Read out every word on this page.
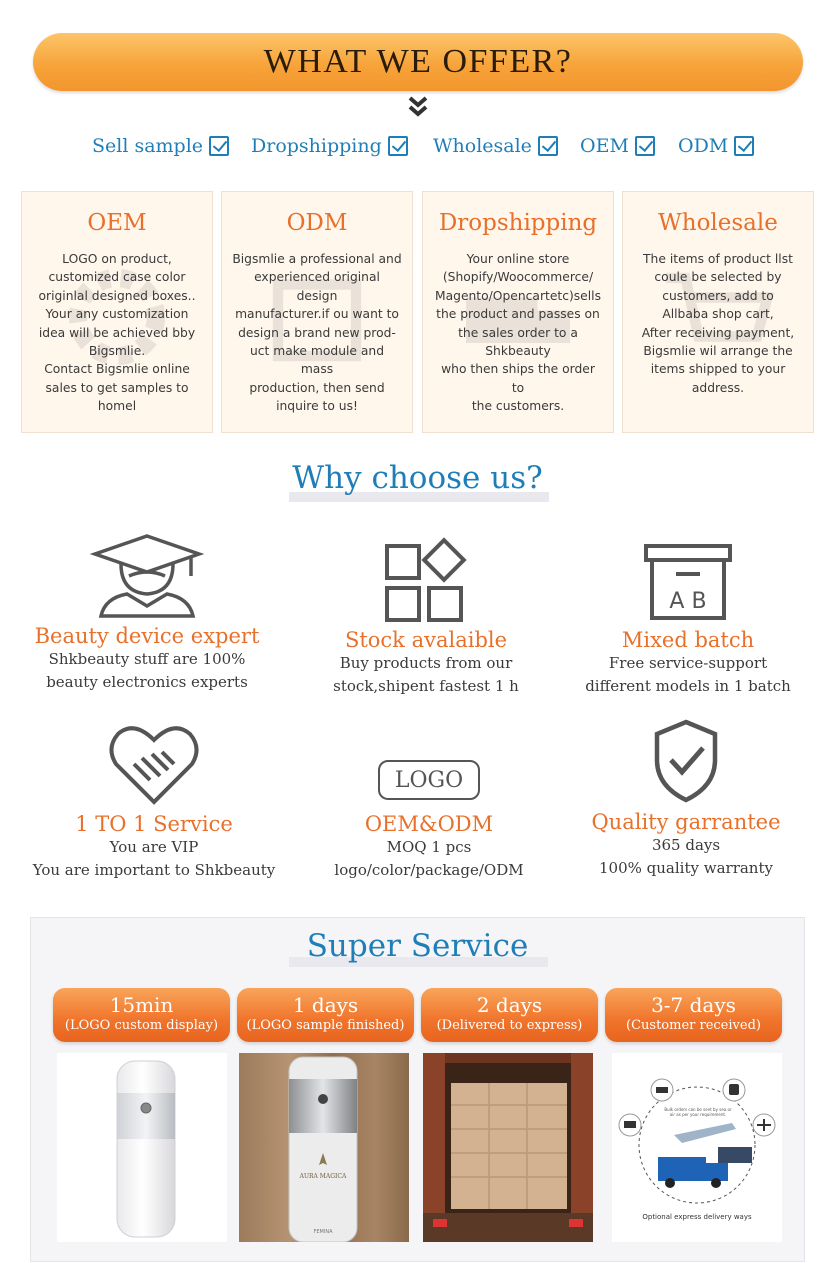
WHAT WE OFFER?
Sell sample	Dropshipping	Wholesale	OEM	ODM
OEM

LOGO on product,
customized case color
originlal designed boxes..
Your any customization
idea will be achieved bby
Bigsmlie.
Contact Bigsmlie online
sales to get samples to
homel

ODM

Bigsmlie a professional and
experienced original design
manufacturer.if ou want to
design a brand new prod-
uct make module and mass
production, then send
inquire to us!

Dropshipping

Your online store
(Shopify/Woocommerce/
Magento/Opencartetc)sells
the product and passes on
the sales order to a Shkbeauty
who then ships the order to
the customers.

Wholesale

The items of product llst
coule be selected by
customers, add to
Allbaba shop cart,
After receiving payment,
Bigsmlie wil arrange the
items shipped to your
address.

Why choose us?
Beauty device expert
Shkbeauty stuff are 100%
beauty electronics experts
Stock avalaible
Buy products from our
stock,shipent fastest 1 h
A B
Mixed batch
Free service-support
different models in 1 batch
1 TO 1 Service
You are VIP
You are important to Shkbeauty
LOGO
OEM&ODM
MOQ 1 pcs
logo/color/package/ODM
Quality garrantee
365 days
100% quality warranty
Super Service
15min
(LOGO custom display)
1 days
(LOGO sample finished)
2 days
(Delivered to express)
3-7 days
(Customer received)
AURA MAGICA
FEMINA
Bulk orders can be sent by sea or air as per your requirement.
Optional express delivery ways
